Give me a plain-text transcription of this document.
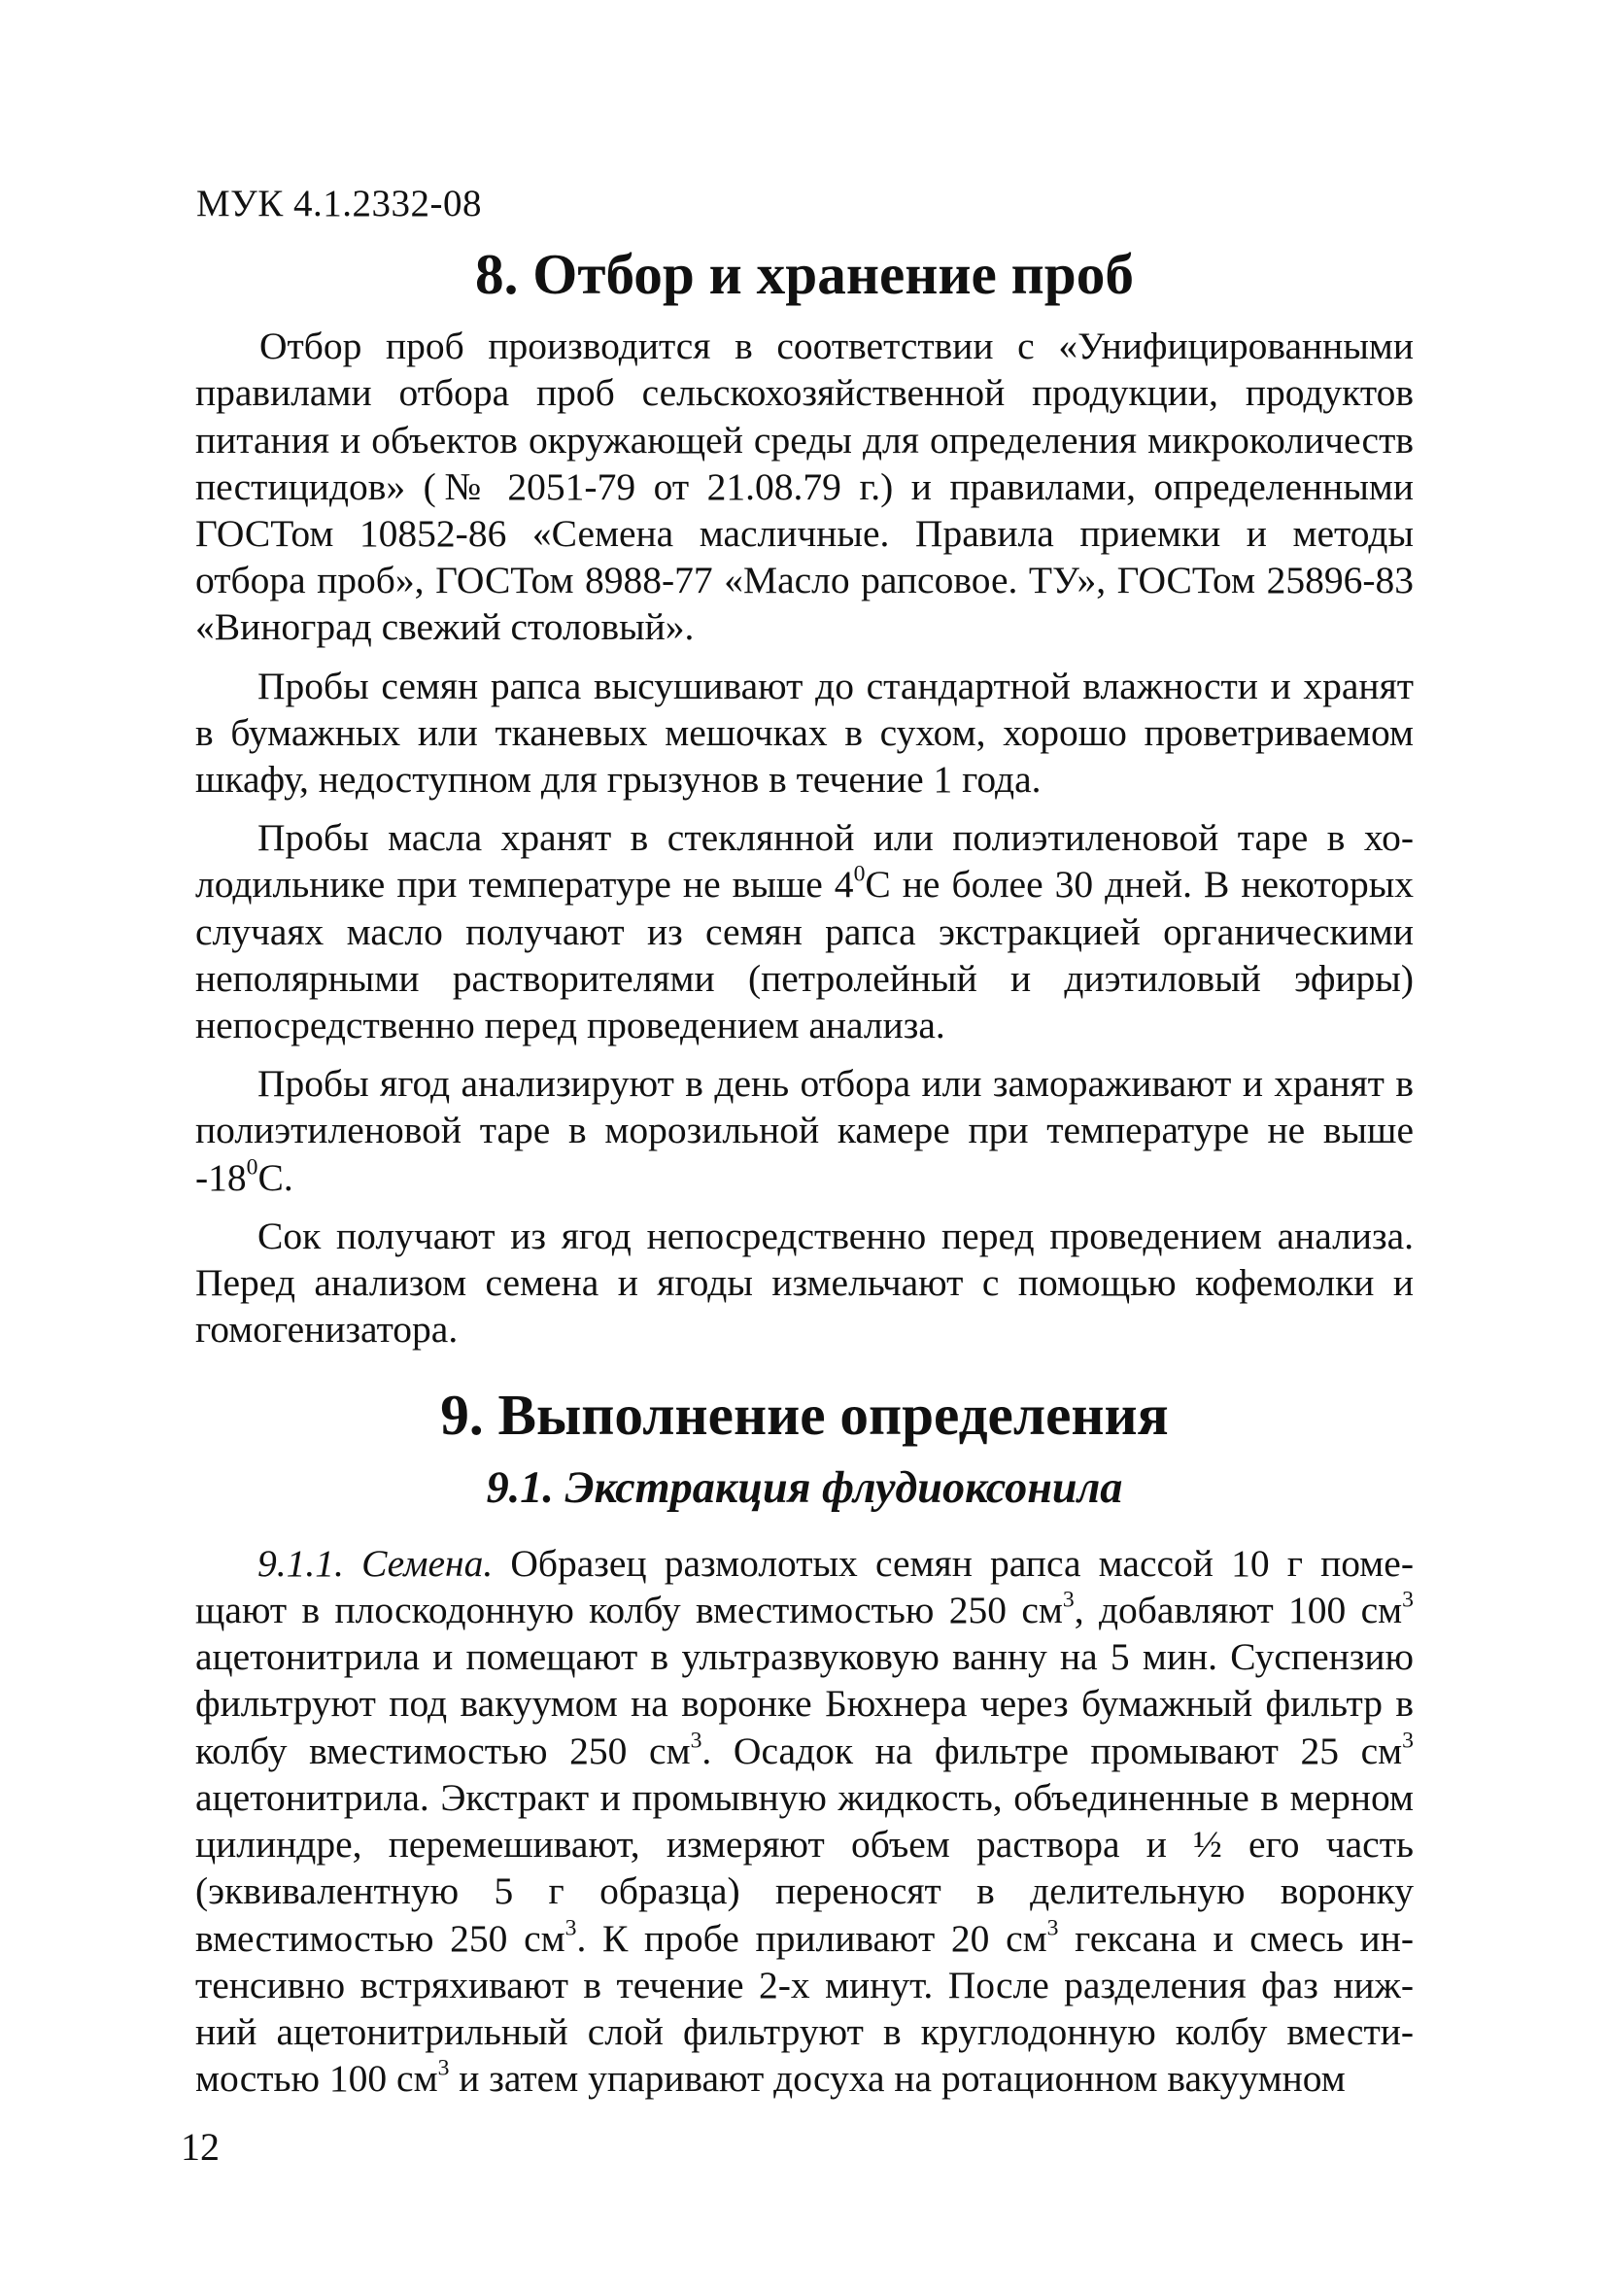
МУК 4.1.2332-08
8. Отбор и хранение проб

Отбор проб производится в соответствии с «Унифицированными правилами отбора проб сельскохозяйственной продукции, продуктов питания и объектов окружающей среды для определения микроколичеств пестицидов» (№ 2051-79 от 21.08.79 г.) и правилами, определенными ГОСТом 10852-86 «Семена масличные. Правила приемки и методы отбора проб», ГОСТом 8988-77 «Масло рапсовое. ТУ», ГОСТом 25896-83 «Виноград свежий столовый».

Пробы семян рапса высушивают до стандартной влажности и хранят в бумажных или тканевых мешочках в сухом, хорошо проветриваемом шкафу, недоступном для грызунов в течение 1 года.

Пробы масла хранят в стеклянной или полиэтиленовой таре в холодильнике при температуре не выше $4^0С$ не более 30 дней. В некоторых случаях масло получают из семян рапса экстракцией органическими неполярными растворителями (петролейный и диэтиловый эфиры) непосредственно перед проведением анализа.

Пробы ягод анализируют в день отбора или замораживают и хранят в полиэтиленовой таре в морозильной камере при температуре не выше $-18^0С$.

Сок получают из ягод непосредственно перед проведением анализа. Перед анализом семена и ягоды измельчают с помощью кофемолки и гомогенизатора.

9. Выполнение определения
9.1. Экстракция флудиоксонила

9.1.1. Семена. Образец размолотых семян рапса массой 10 г помещают в плоскодонную колбу вместимостью 250 $см^3$, добавляют 100 $см^3$ ацетонитрила и помещают в ультразвуковую ванну на 5 мин. Суспензию фильтруют под вакуумом на воронке Бюхнера через бумажный фильтр в колбу вместимостью 250 $см^3$. Осадок на фильтре промывают 25 $см^3$ ацетонитрила. Экстракт и промывную жидкость, объединенные в мерном цилиндре, перемешивают, измеряют объем раствора и ½ его часть (эквивалентную 5 г образца) переносят в делительную воронку вместимостью 250 $см^3$. К пробе приливают 20 $см^3$ гексана и смесь интенсивно встряхивают в течение 2-х минут. После разделения фаз нижний ацетонитрильный слой фильтруют в круглодонную колбу вместимостью 100 $см^3$ и затем упаривают досуха на ротационном вакуумном

12
